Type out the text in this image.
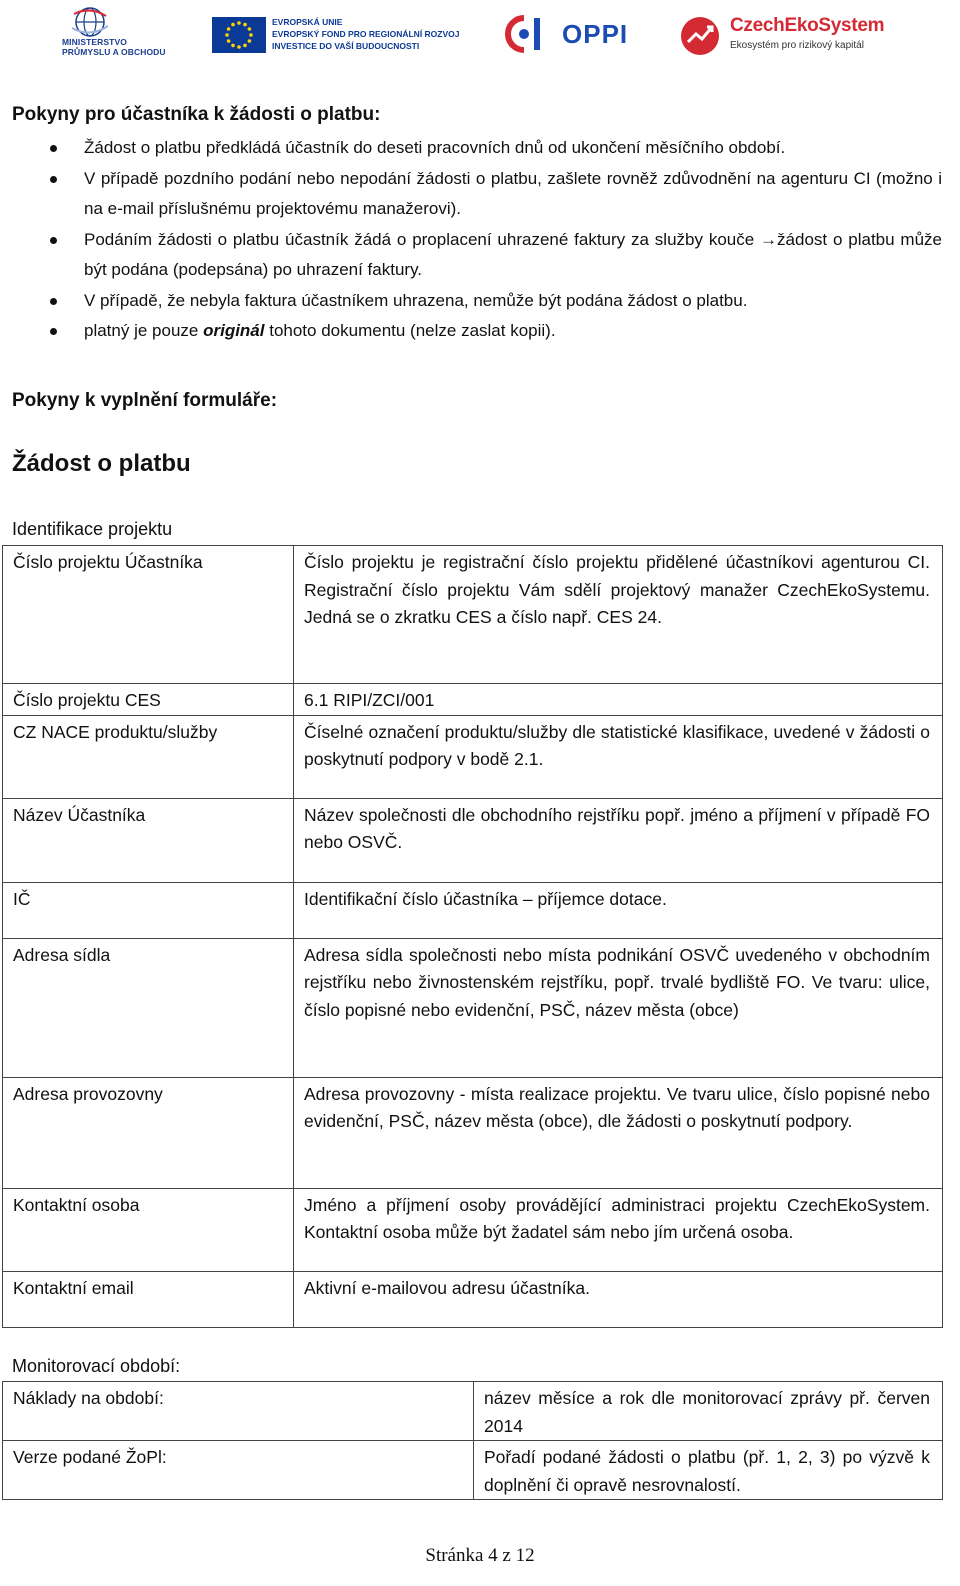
MINISTERSTVO PRŮMYSLU A OBCHODU
EVROPSKÁ UNIE
EVROPSKÝ FOND PRO REGIONÁLNÍ ROZVOJ
INVESTICE DO VAŠÍ BUDOUCNOSTI	OPPI	CzechEkoSystem
Ekosystém pro rizikový kapitál
Pokyny pro účastníka k žádosti o platbu:
Žádost o platbu předkládá účastník do deseti pracovních dnů od ukončení měsíčního období.
V případě pozdního podání nebo nepodání žádosti o platbu, zašlete rovněž zdůvodnění na agenturu CI (možno i na e-mail příslušnému projektovému manažerovi).
Podáním žádosti o platbu účastník žádá o proplacení uhrazené faktury za služby kouče →žádost o platbu může být podána (podepsána) po uhrazení faktury.
V případě, že nebyla faktura účastníkem uhrazena, nemůže být podána žádost o platbu.
platný je pouze originál tohoto dokumentu (nelze zaslat kopii).
Pokyny k vyplnění formuláře:
Žádost o platbu

Identifikace projektu

Číslo projektu Účastníka	Číslo projektu je registrační číslo projektu přidělené účastníkovi agenturou CI. Registrační číslo projektu Vám sdělí projektový manažer CzechEkoSystemu. Jedná se o zkratku CES a číslo např. CES 24.
Číslo projektu CES	6.1 RIPI/ZCI/001
CZ NACE produktu/služby	Číselné označení produktu/služby dle statistické klasifikace, uvedené v žádosti o poskytnutí podpory v bodě 2.1.
Název Účastníka	Název společnosti dle obchodního rejstříku popř. jméno a příjmení v případě FO nebo OSVČ.
IČ	Identifikační číslo účastníka – příjemce dotace.
Adresa sídla	Adresa sídla společnosti nebo místa podnikání OSVČ uvedeného v obchodním rejstříku nebo živnostenském rejstříku, popř. trvalé bydliště FO. Ve tvaru: ulice, číslo popisné nebo evidenční, PSČ, název města (obce)
Adresa provozovny	Adresa provozovny - místa realizace projektu. Ve tvaru ulice, číslo popisné nebo evidenční, PSČ, název města (obce), dle žádosti o poskytnutí podpory.
Kontaktní osoba	Jméno a příjmení osoby provádějící administraci projektu CzechEkoSystem. Kontaktní osoba může být žadatel sám nebo jím určená osoba.
Kontaktní email	Aktivní e-mailovou adresu účastníka.

Monitorovací období:

Náklady na období:	název měsíce a rok dle monitorovací zprávy př. červen 2014
Verze podané ŽoPl:	Pořadí podané žádosti o platbu (př. 1, 2, 3) po výzvě k doplnění či opravě nesrovnalostí.
Stránka 4 z 12
